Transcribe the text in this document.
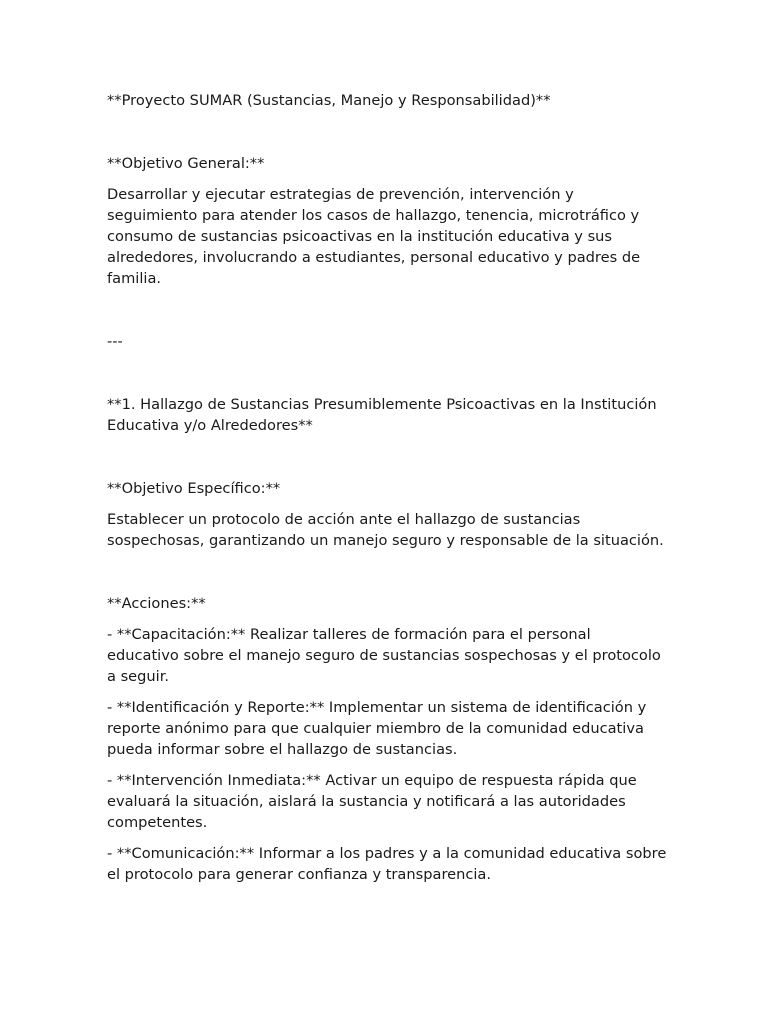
**Proyecto SUMAR (Sustancias, Manejo y Responsabilidad)**

**Objetivo General:**

Desarrollar y ejecutar estrategias de prevención, intervención y seguimiento para atender los casos de hallazgo, tenencia, microtráfico y consumo de sustancias psicoactivas en la institución educativa y sus alrededores, involucrando a estudiantes, personal educativo y padres de familia.

---

**1. Hallazgo de Sustancias Presumiblemente Psicoactivas en la Institución Educativa y/o Alrededores**

**Objetivo Específico:**

Establecer un protocolo de acción ante el hallazgo de sustancias sospechosas, garantizando un manejo seguro y responsable de la situación.

**Acciones:**

- **Capacitación:** Realizar talleres de formación para el personal educativo sobre el manejo seguro de sustancias sospechosas y el protocolo a seguir.

- **Identificación y Reporte:** Implementar un sistema de identificación y reporte anónimo para que cualquier miembro de la comunidad educativa pueda informar sobre el hallazgo de sustancias.

- **Intervención Inmediata:** Activar un equipo de respuesta rápida que evaluará la situación, aislará la sustancia y notificará a las autoridades competentes.

- **Comunicación:** Informar a los padres y a la comunidad educativa sobre el protocolo para generar confianza y transparencia.
